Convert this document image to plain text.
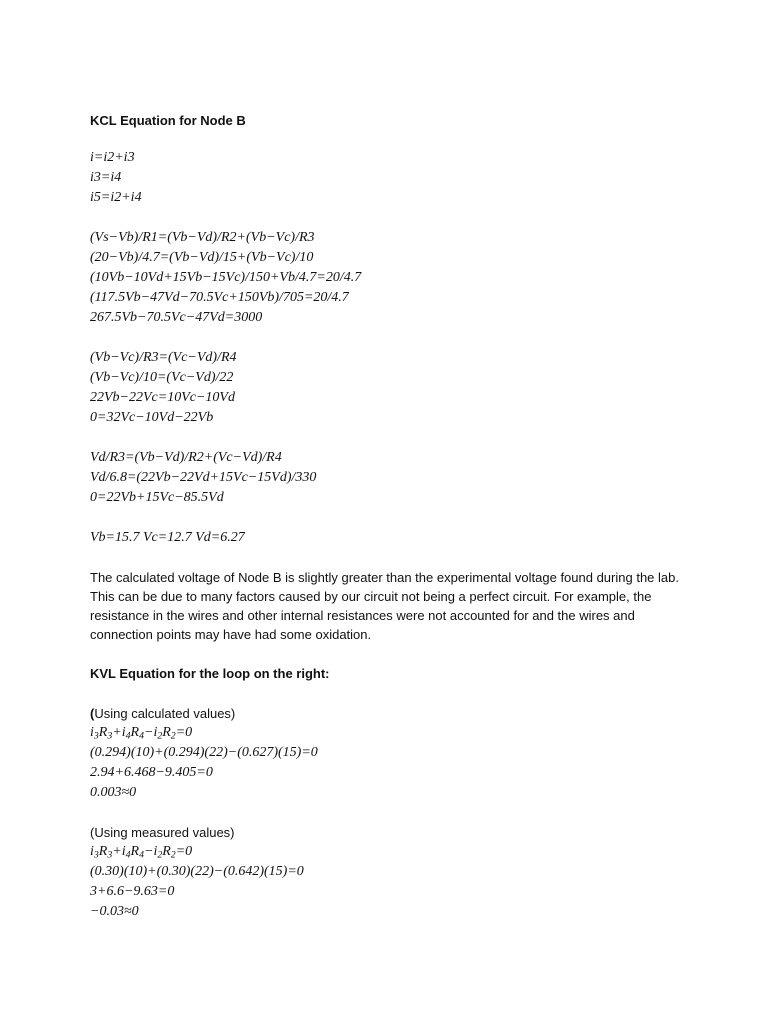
KCL Equation for Node B
i=i2+i3
i3=i4
i5=i2+i4
(Vs−Vb)/R1=(Vb−Vd)/R2+(Vb−Vc)/R3
(20−Vb)/4.7=(Vb−Vd)/15+(Vb−Vc)/10
(10Vb−10Vd+15Vb−15Vc)/150+Vb/4.7=20/4.7
(117.5Vb−47Vd−70.5Vc+150Vb)/705=20/4.7
267.5Vb−70.5Vc−47Vd=3000
(Vb−Vc)/R3=(Vc−Vd)/R4
(Vb−Vc)/10=(Vc−Vd)/22
22Vb−22Vc=10Vc−10Vd
0=32Vc−10Vd−22Vb
Vd/R3=(Vb−Vd)/R2+(Vc−Vd)/R4
Vd/6.8=(22Vb−22Vd+15Vc−15Vd)/330
0=22Vb+15Vc−85.5Vd
Vb=15.7 Vc=12.7 Vd=6.27
The calculated voltage of Node B is slightly greater than the experimental voltage found during the lab. This can be due to many factors caused by our circuit not being a perfect circuit. For example, the resistance in the wires and other internal resistances were not accounted for and the wires and connection points may have had some oxidation.
KVL Equation for the loop on the right:
(Using calculated values)
$i_3R_3+i_4R_4-i_2R_2=0$
(0.294)(10)+(0.294)(22)−(0.627)(15)=0
2.94+6.468−9.405=0
0.003≈0
(Using measured values)
$i_3R_3+i_4R_4-i_2R_2=0$
(0.30)(10)+(0.30)(22)−(0.642)(15)=0
3+6.6−9.63=0
−0.03≈0
